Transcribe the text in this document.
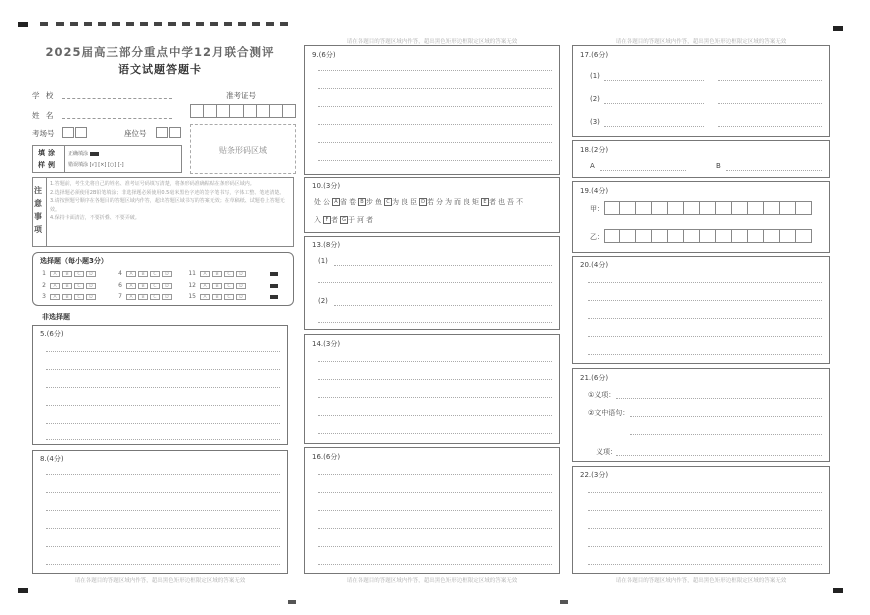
2025届高三部分重点中学12月联合测评
语文试题答题卡
学 校
姓 名
考场号	座位号
准考证号
贴条形码区域
填涂
样例
正确填涂
错误填涂 [√] [×] [○] [-]
注意事项
1.答题前，考生先将自己的姓名、准考证号码填写清楚，将条形码准确粘贴在条形码区域内。
2.选择题必须使用2B铅笔填涂；非选择题必须使用0.5毫米黑色字迹的签字笔书写，字体工整、笔迹清楚。
3.请按照题号顺序在各题目的答题区域内作答，超出答题区域书写的答案无效；在草稿纸、试题卷上答题无效。
4.保持卡面清洁，不要折叠、不要弄破。
选择题（每小题3分）
1	A	B	C	D
2	A	B	C	D
3	A	B	C	D
4	A	B	C	D
6	A	B	C	D
7	A	B	C	D
11	A	B	C	D
12	A	B	C	D
15	A	B	C	D
非选择题
5.(6分)
8.(4分)
请在各题目的答题区域内作答，超出黑色矩形边框限定区域的答案无效
请在各题目的答题区域内作答，超出黑色矩形边框限定区域的答案无效
9.(6分)
10.(3分)
处公 A 省卷 B 步鱼 C 为良臣 D 若分为而良矩 E 者也吾不
入 F 者 G 于河者
13.(8分)
(1)
(2)
14.(3分)
16.(6分)
请在各题目的答题区域内作答，超出黑色矩形边框限定区域的答案无效
请在各题目的答题区域内作答，超出黑色矩形边框限定区域的答案无效
17.(6分)
(1)
(2)
(3)
18.(2分)
A	B
19.(4分)
甲：
乙：
20.(4分)
21.(6分)
①义项：
②文中语句：
义项：
22.(3分)
请在各题目的答题区域内作答，超出黑色矩形边框限定区域的答案无效
